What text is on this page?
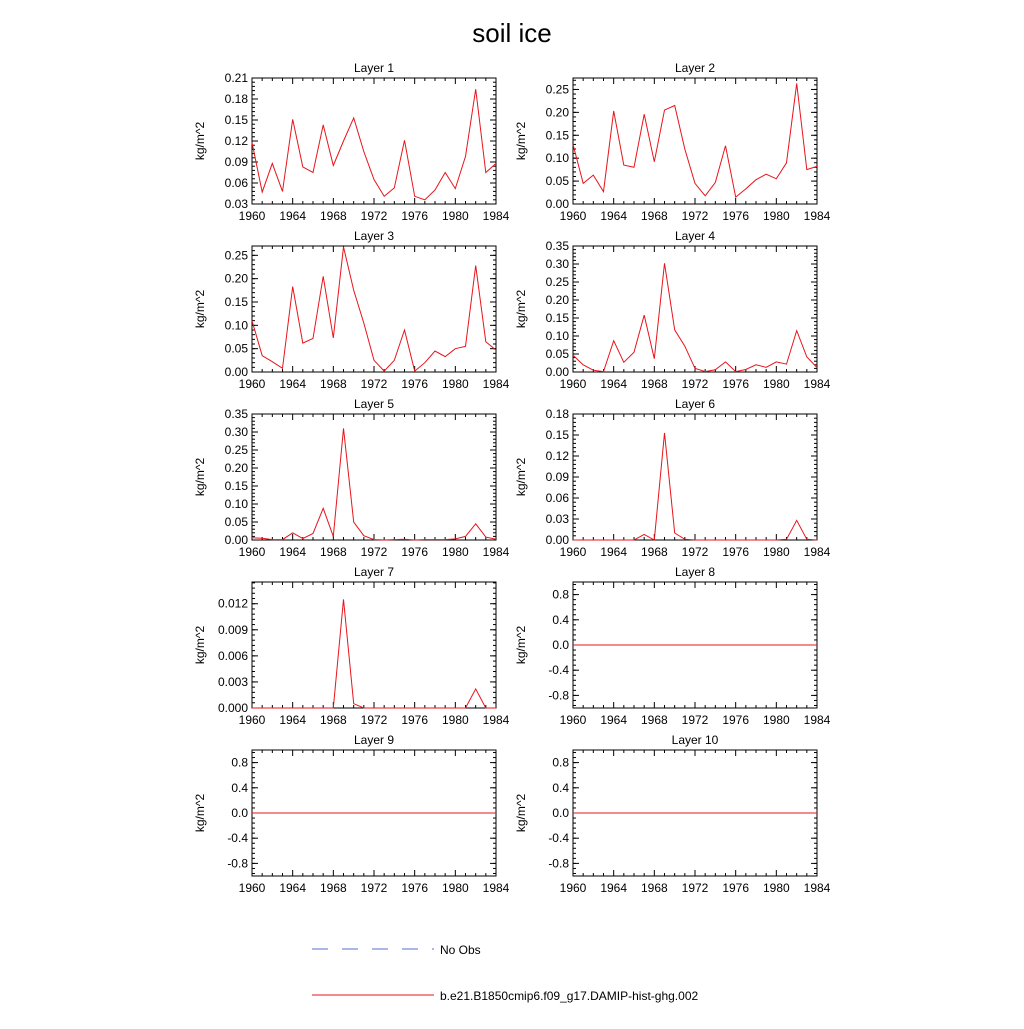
soil ice
Layer 1
1960 1964 1968 1972 1976 1980 1984
0.03
0.06
0.09
0.12
0.15
0.18
0.21
kg/m^2
Layer 2
1960 1964 1968 1972 1976 1980 1984
0.00
0.05
0.10
0.15
0.20
0.25
kg/m^2
Layer 3
1960 1964 1968 1972 1976 1980 1984
0.00
0.05
0.10
0.15
0.20
0.25
kg/m^2
Layer 4
1960 1964 1968 1972 1976 1980 1984
0.00
0.05
0.10
0.15
0.20
0.25
0.30
0.35
kg/m^2
Layer 5
1960 1964 1968 1972 1976 1980 1984
0.00
0.05
0.10
0.15
0.20
0.25
0.30
0.35
kg/m^2
Layer 6
1960 1964 1968 1972 1976 1980 1984
0.00
0.03
0.06
0.09
0.12
0.15
0.18
kg/m^2
Layer 7
1960 1964 1968 1972 1976 1980 1984
0.000
0.003
0.006
0.009
0.012
kg/m^2
Layer 8
1960 1964 1968 1972 1976 1980 1984
-0.8
-0.4
0.0
0.4
0.8
kg/m^2
Layer 9
1960 1964 1968 1972 1976 1980 1984
-0.8
-0.4
0.0
0.4
0.8
kg/m^2
Layer 10
1960 1964 1968 1972 1976 1980 1984
-0.8
-0.4
0.0
0.4
0.8
kg/m^2
No Obs
b.e21.B1850cmip6.f09_g17.DAMIP-hist-ghg.002
